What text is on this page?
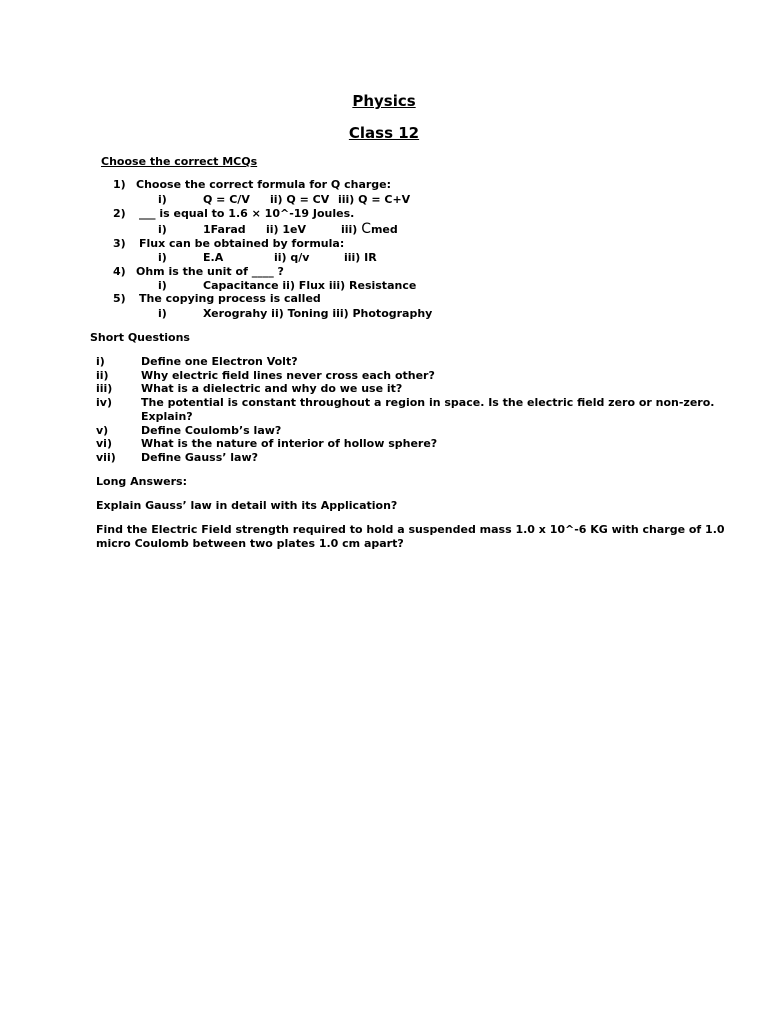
Physics
Class 12
Choose the correct MCQs
1) Choose the correct formula for Q charge:
i)	Q = C/V ii) Q = CV iii) Q = C+V
2) ___ is equal to 1.6 × 10^-19 Joules.
i)	1Farad ii) 1eV	iii) Cmed
3) Flux can be obtained by formula:
i)	E.A	ii) q/v	iii) IR
4) Ohm is the unit of ____ ?
i)	Capacitance ii) Flux iii) Resistance
5) The copying process is called
i)	Xerograhy ii) Toning iii) Photography
Short Questions
i)	Define one Electron Volt?
ii)	Why electric field lines never cross each other?
iii)	What is a dielectric and why do we use it?
iv)	The potential is constant throughout a region in space. Is the electric field zero or non-zero.
Explain?
v)	Define Coulomb’s law?
vi)	What is the nature of interior of hollow sphere?
vii) Define Gauss’ law?
Long Answers:
Explain Gauss’ law in detail with its Application?
Find the Electric Field strength required to hold a suspended mass 1.0 x 10^-6 KG with charge of 1.0
micro Coulomb between two plates 1.0 cm apart?
